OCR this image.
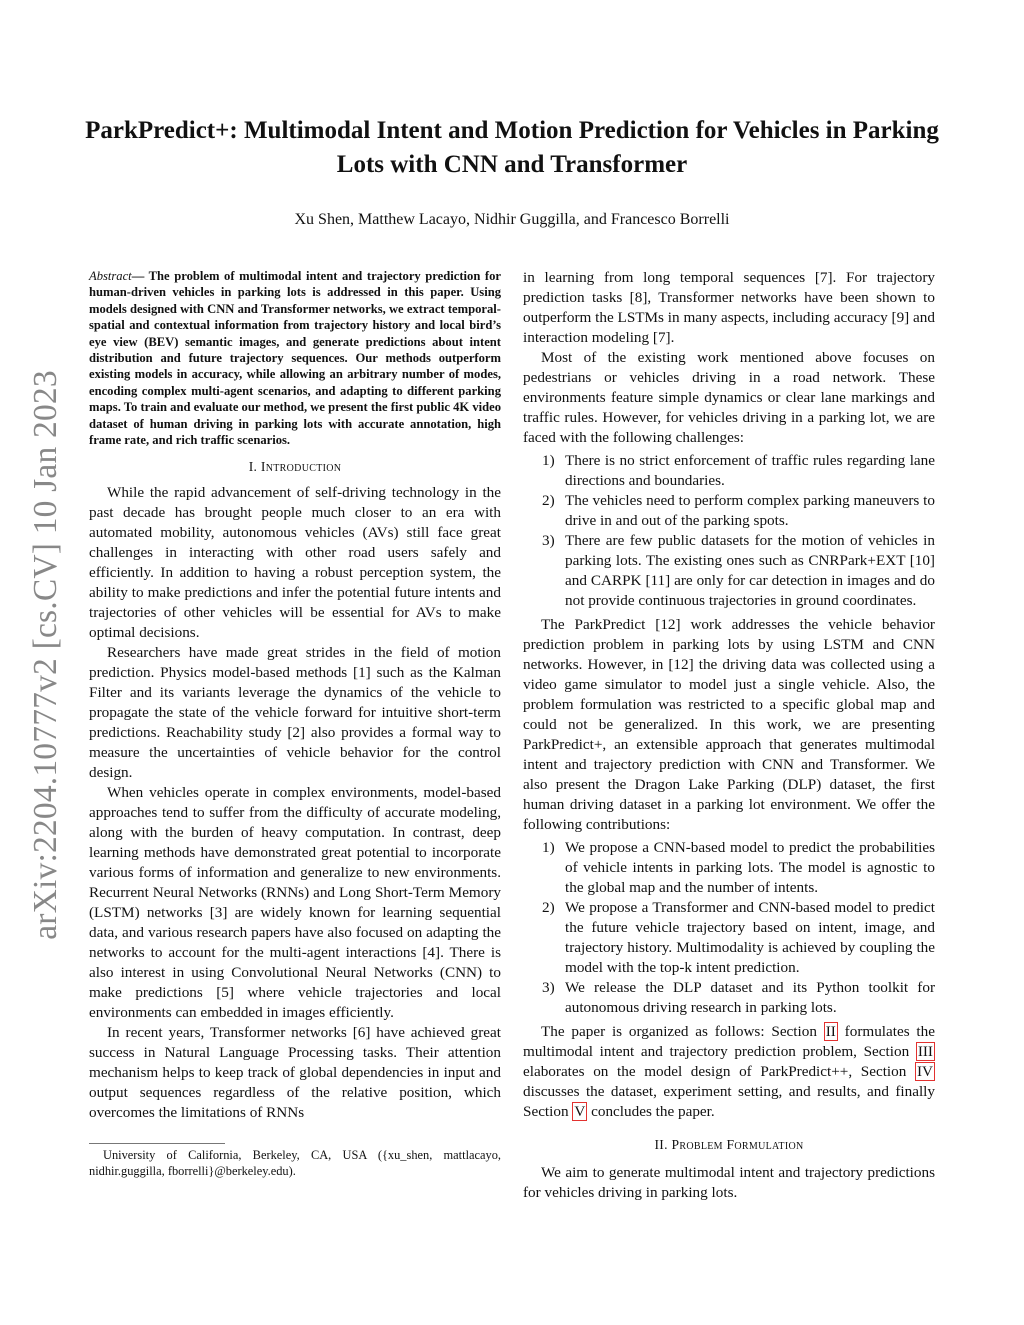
arXiv:2204.10777v2 [cs.CV] 10 Jan 2023
ParkPredict+: Multimodal Intent and Motion Prediction for Vehicles in Parking Lots with CNN and Transformer
Xu Shen, Matthew Lacayo, Nidhir Guggilla, and Francesco Borrelli

Abstract— The problem of multimodal intent and trajectory prediction for human-driven vehicles in parking lots is addressed in this paper. Using models designed with CNN and Transformer networks, we extract temporal-spatial and contextual information from trajectory history and local bird’s eye view (BEV) semantic images, and generate predictions about intent distribution and future trajectory sequences. Our methods outperform existing models in accuracy, while allowing an arbitrary number of modes, encoding complex multi-agent scenarios, and adapting to different parking maps. To train and evaluate our method, we present the first public 4K video dataset of human driving in parking lots with accurate annotation, high frame rate, and rich traffic scenarios.

I. Introduction

While the rapid advancement of self-driving technology in the past decade has brought people much closer to an era with automated mobility, autonomous vehicles (AVs) still face great challenges in interacting with other road users safely and efficiently. In addition to having a robust perception system, the ability to make predictions and infer the potential future intents and trajectories of other vehicles will be essential for AVs to make optimal decisions.

Researchers have made great strides in the field of motion prediction. Physics model-based methods [1] such as the Kalman Filter and its variants leverage the dynamics of the vehicle to propagate the state of the vehicle forward for intuitive short-term predictions. Reachability study [2] also provides a formal way to measure the uncertainties of vehicle behavior for the control design.

When vehicles operate in complex environments, model-based approaches tend to suffer from the difficulty of accurate modeling, along with the burden of heavy computation. In contrast, deep learning methods have demonstrated great potential to incorporate various forms of information and generalize to new environments. Recurrent Neural Networks (RNNs) and Long Short-Term Memory (LSTM) networks [3] are widely known for learning sequential data, and various research papers have also focused on adapting the networks to account for the multi-agent interactions [4]. There is also interest in using Convolutional Neural Networks (CNN) to make predictions [5] where vehicle trajectories and local environments can embedded in images efficiently.

In recent years, Transformer networks [6] have achieved great success in Natural Language Processing tasks. Their attention mechanism helps to keep track of global dependencies in input and output sequences regardless of the relative position, which overcomes the limitations of RNNs

University of California, Berkeley, CA, USA ({xu_shen, mattlacayo, nidhir.guggilla, fborrelli}@berkeley.edu).

in learning from long temporal sequences [7]. For trajectory prediction tasks [8], Transformer networks have been shown to outperform the LSTMs in many aspects, including accuracy [9] and interaction modeling [7].

Most of the existing work mentioned above focuses on pedestrians or vehicles driving in a road network. These environments feature simple dynamics or clear lane markings and traffic rules. However, for vehicles driving in a parking lot, we are faced with the following challenges:

1) There is no strict enforcement of traffic rules regarding lane directions and boundaries.
2) The vehicles need to perform complex parking maneuvers to drive in and out of the parking spots.
3) There are few public datasets for the motion of vehicles in parking lots. The existing ones such as CNRPark+EXT [10] and CARPK [11] are only for car detection in images and do not provide continuous trajectories in ground coordinates.

The ParkPredict [12] work addresses the vehicle behavior prediction problem in parking lots by using LSTM and CNN networks. However, in [12] the driving data was collected using a video game simulator to model just a single vehicle. Also, the problem formulation was restricted to a specific global map and could not be generalized. In this work, we are presenting ParkPredict+, an extensible approach that generates multimodal intent and trajectory prediction with CNN and Transformer. We also present the Dragon Lake Parking (DLP) dataset, the first human driving dataset in a parking lot environment. We offer the following contributions:

1) We propose a CNN-based model to predict the probabilities of vehicle intents in parking lots. The model is agnostic to the global map and the number of intents.
2) We propose a Transformer and CNN-based model to predict the future vehicle trajectory based on intent, image, and trajectory history. Multimodality is achieved by coupling the model with the top-k intent prediction.
3) We release the DLP dataset and its Python toolkit for autonomous driving research in parking lots.

The paper is organized as follows: Section II formulates the multimodal intent and trajectory prediction problem, Section III elaborates on the model design of ParkPredict++, Section IV discusses the dataset, experiment setting, and results, and finally Section V concludes the paper.

II. Problem Formulation

We aim to generate multimodal intent and trajectory predictions for vehicles driving in parking lots.
